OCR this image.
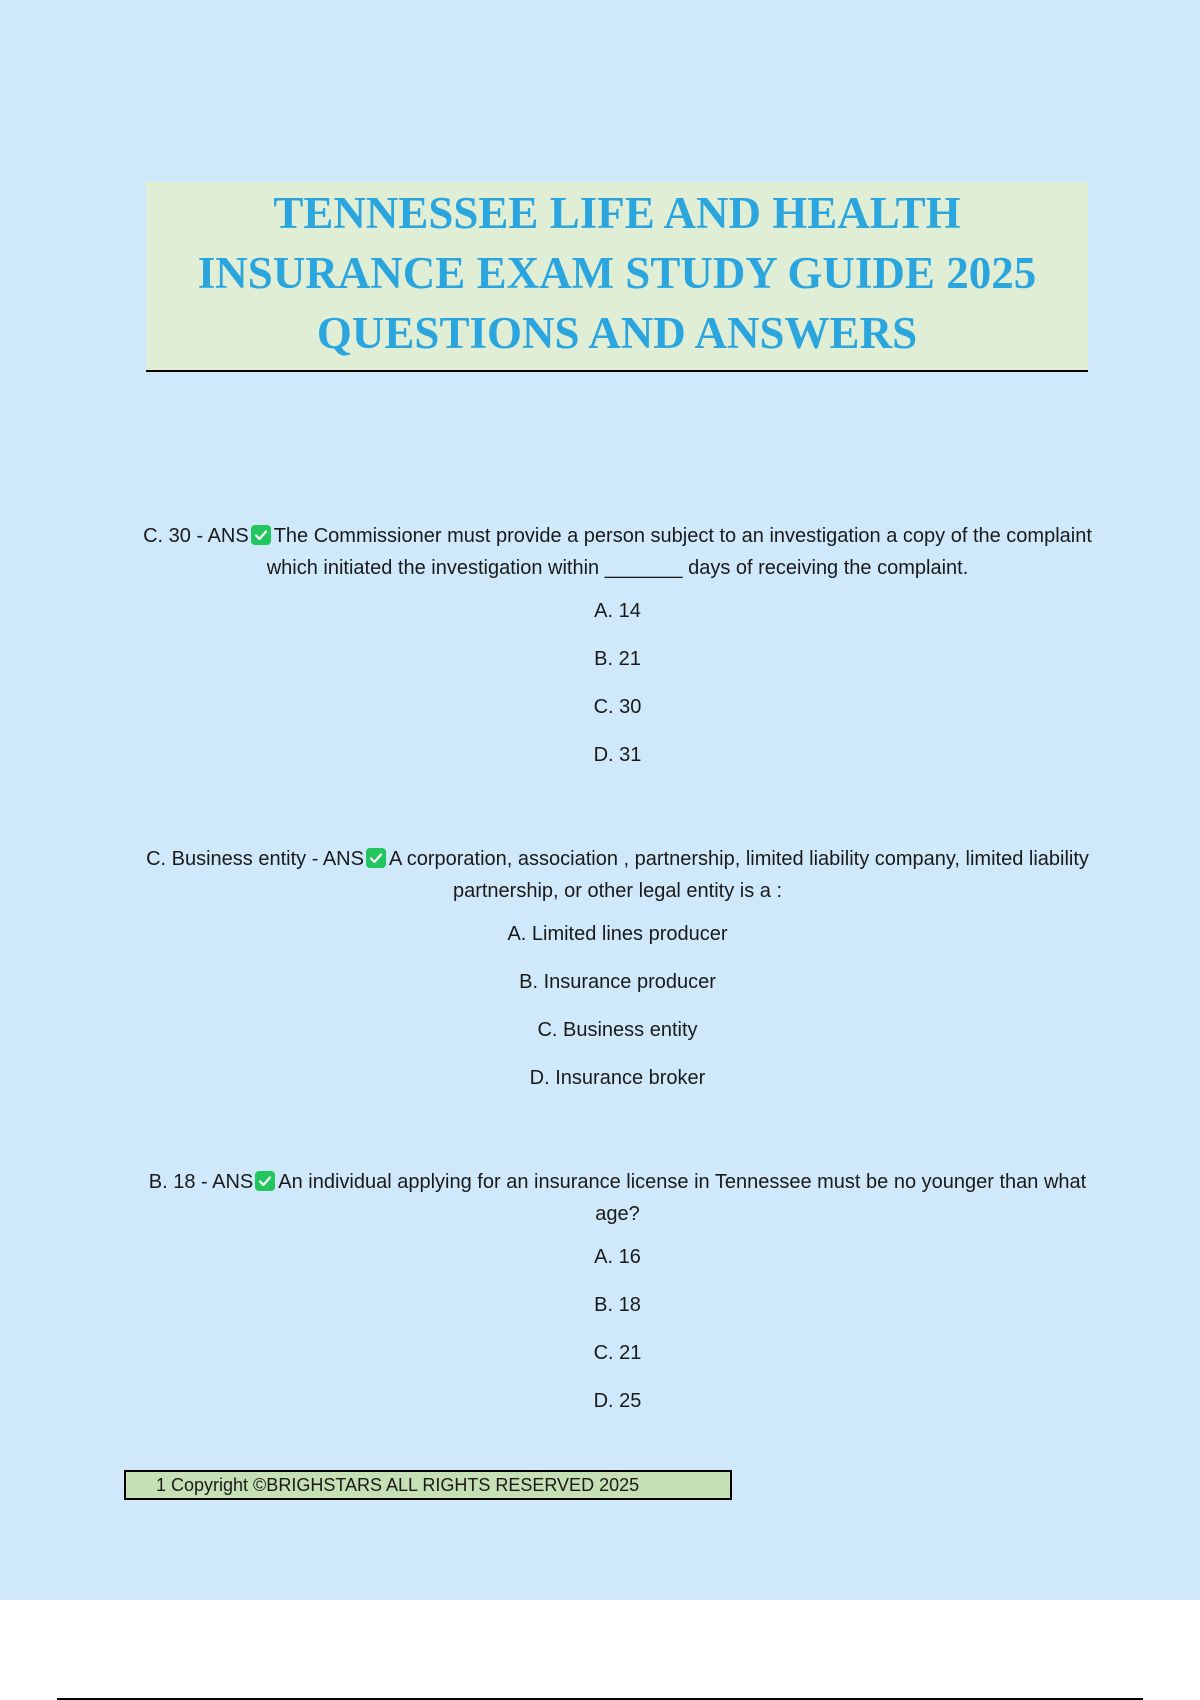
TENNESSEE LIFE AND HEALTH
INSURANCE EXAM STUDY GUIDE 2025
QUESTIONS AND ANSWERS

C. 30 - ANS The Commissioner must provide a person subject to an investigation a copy of the complaint which initiated the investigation within _______ days of receiving the complaint.

A. 14
B. 21
C. 30
D. 31

C. Business entity - ANS A corporation, association , partnership, limited liability company, limited liability partnership, or other legal entity is a :

A. Limited lines producer
B. Insurance producer
C. Business entity
D. Insurance broker

B. 18 - ANS An individual applying for an insurance license in Tennessee must be no younger than what age?

A. 16
B. 18
C. 21
D. 25
1 Copyright ©BRIGHSTARS ALL RIGHTS RESERVED 2025
